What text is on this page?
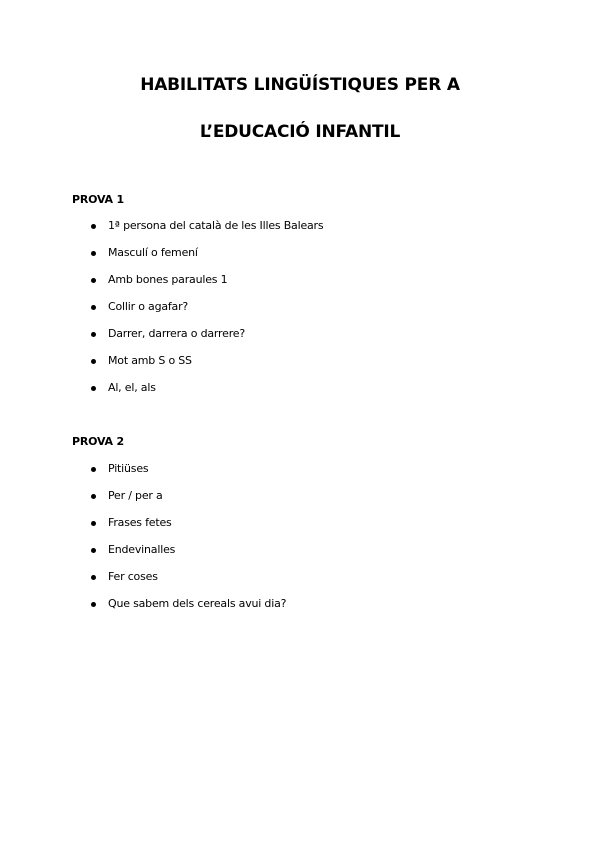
HABILITATS LINGÜÍSTIQUES PER A
L’EDUCACIÓ INFANTIL
PROVA 1
1ª persona del català de les Illes Balears
Masculí o femení
Amb bones paraules 1
Collir o agafar?
Darrer, darrera o darrere?
Mot amb S o SS
Al, el, als
PROVA 2
Pitiüses
Per / per a
Frases fetes
Endevinalles
Fer coses
Que sabem dels cereals avui dia?
